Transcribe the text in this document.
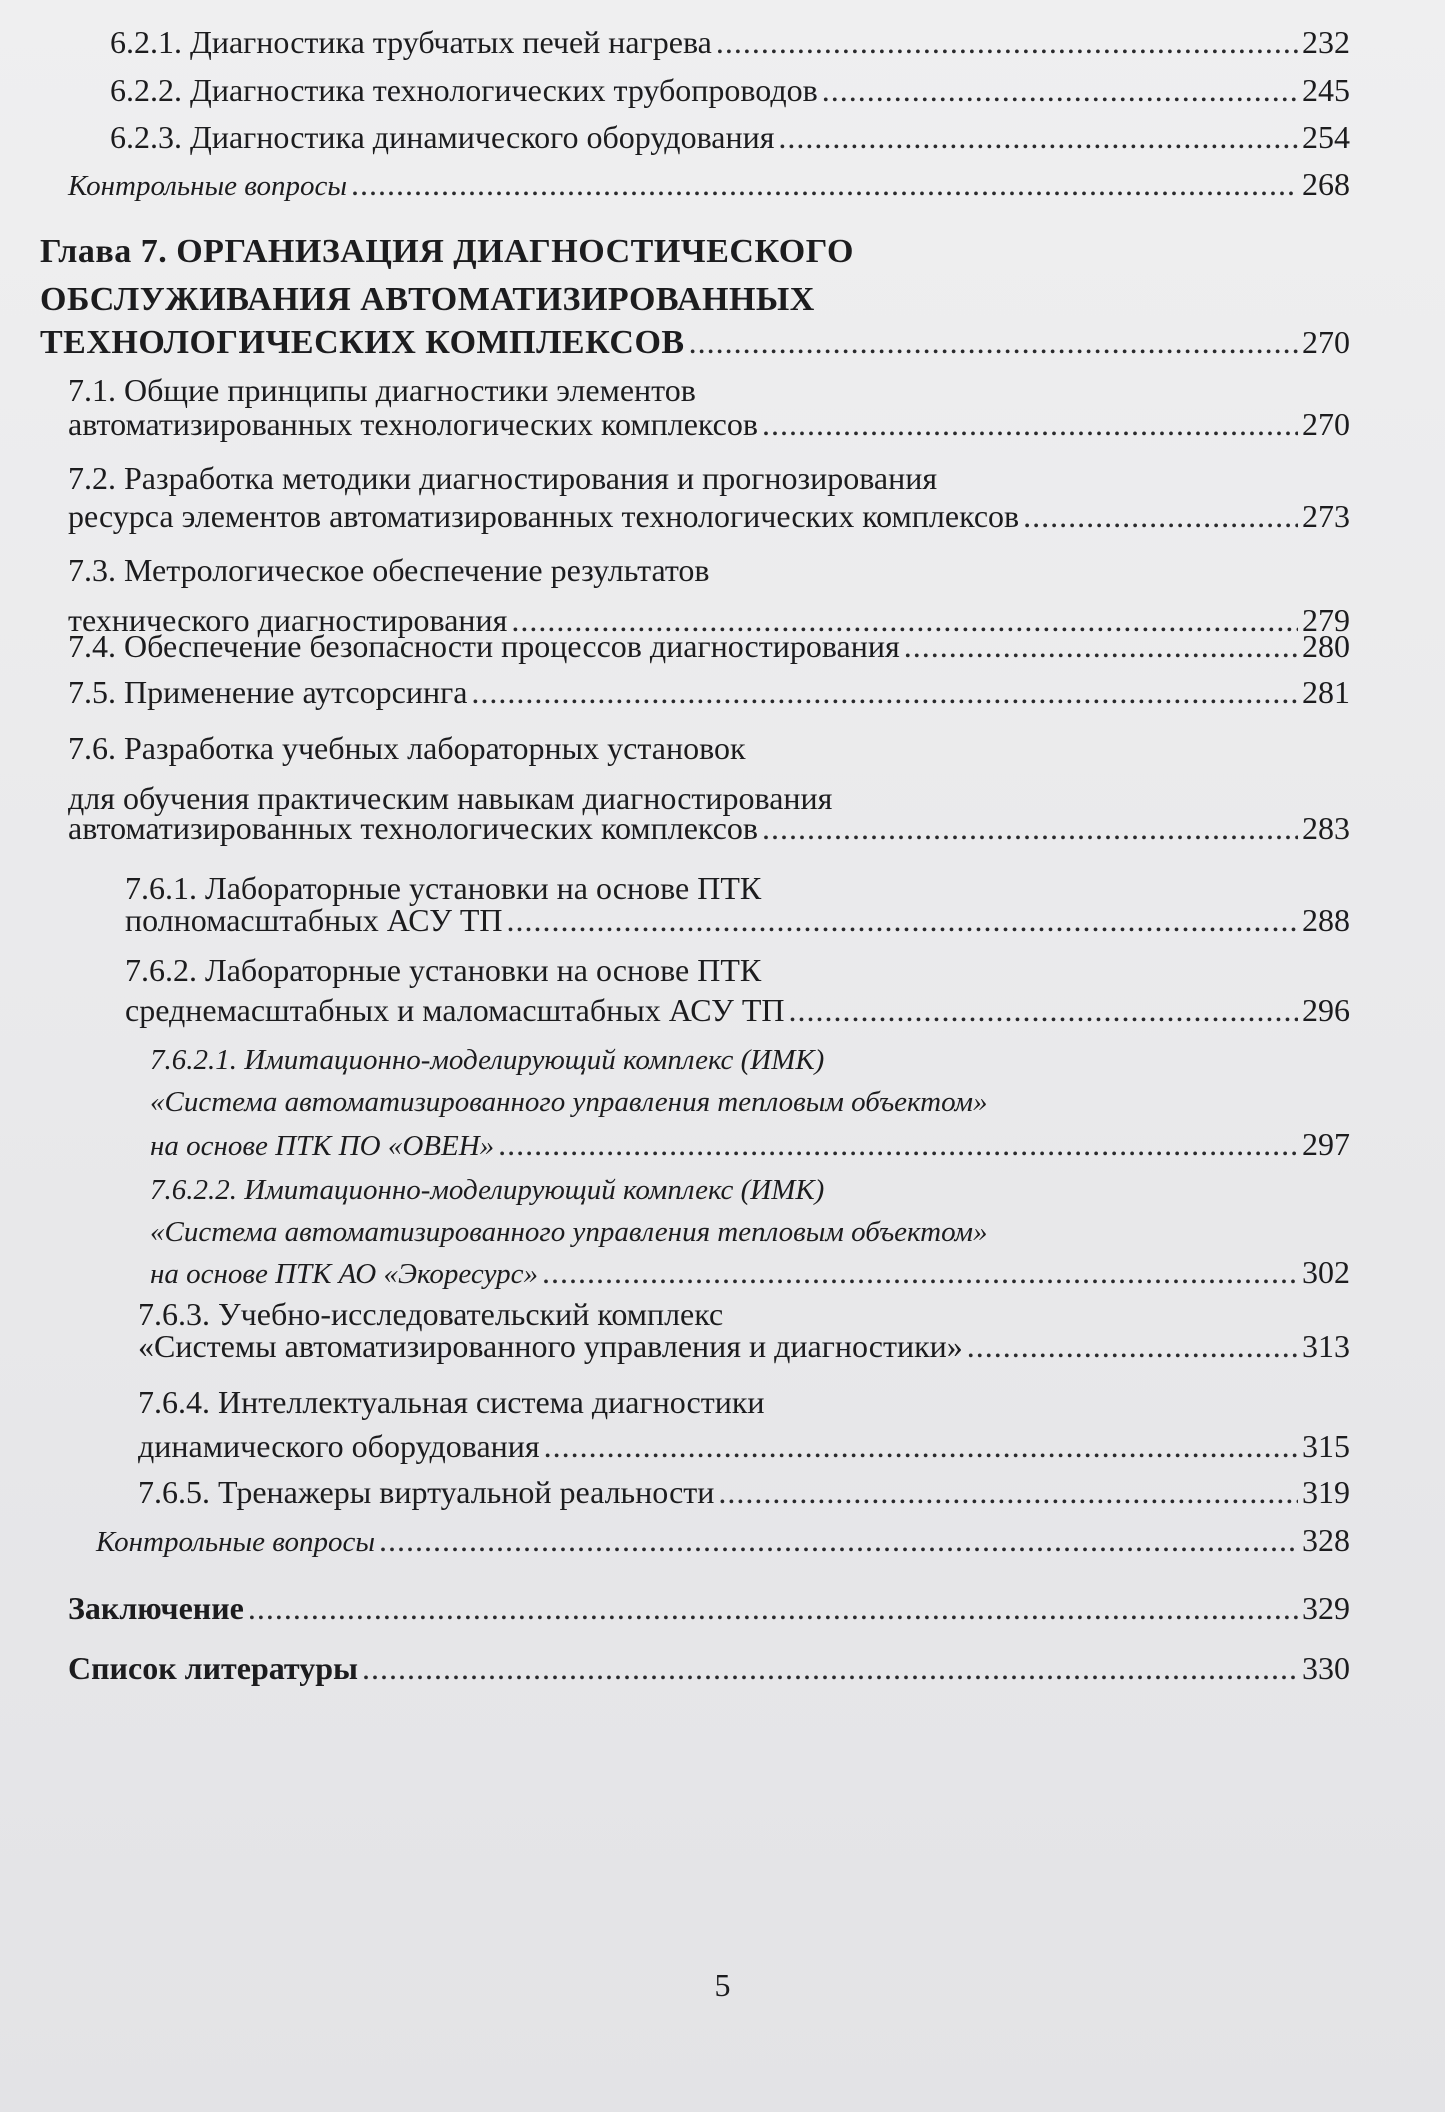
6.2.1. Диагностика трубчатых печей нагрева .....	232
6.2.2. Диагностика технологических трубопроводов .....	245
6.2.3. Диагностика динамического оборудования .....	254
Контрольные вопросы .....	268
Глава 7. ОРГАНИЗАЦИЯ ДИАГНОСТИЧЕСКОГО
ОБСЛУЖИВАНИЯ АВТОМАТИЗИРОВАННЫХ
ТЕХНОЛОГИЧЕСКИХ КОМПЛЕКСОВ .....	270
7.1. Общие принципы диагностики элементов
автоматизированных технологических комплексов .....	270
7.2. Разработка методики диагностирования и прогнозирования
ресурса элементов автоматизированных технологических комплексов .....	273
7.3. Метрологическое обеспечение результатов
технического диагностирования .....	279
7.4. Обеспечение безопасности процессов диагностирования .....	280
7.5. Применение аутсорсинга .....	281
7.6. Разработка учебных лабораторных установок
для обучения практическим навыкам диагностирования
автоматизированных технологических комплексов .....	283
7.6.1. Лабораторные установки на основе ПТК
полномасштабных АСУ ТП .....	288
7.6.2. Лабораторные установки на основе ПТК
среднемасштабных и маломасштабных АСУ ТП .....	296
7.6.2.1. Имитационно-моделирующий комплекс (ИМК)
«Система автоматизированного управления тепловым объектом»
на основе ПТК ПО «ОВЕН» .....	297
7.6.2.2. Имитационно-моделирующий комплекс (ИМК)
«Система автоматизированного управления тепловым объектом»
на основе ПТК АО «Экоресурс» .....	302
7.6.3. Учебно-исследовательский комплекс
«Системы автоматизированного управления и диагностики» .....	313
7.6.4. Интеллектуальная система диагностики
динамического оборудования .....	315
7.6.5. Тренажеры виртуальной реальности .....	319
Контрольные вопросы .....	328
Заключение .....	329
Список литературы .....	330
5
